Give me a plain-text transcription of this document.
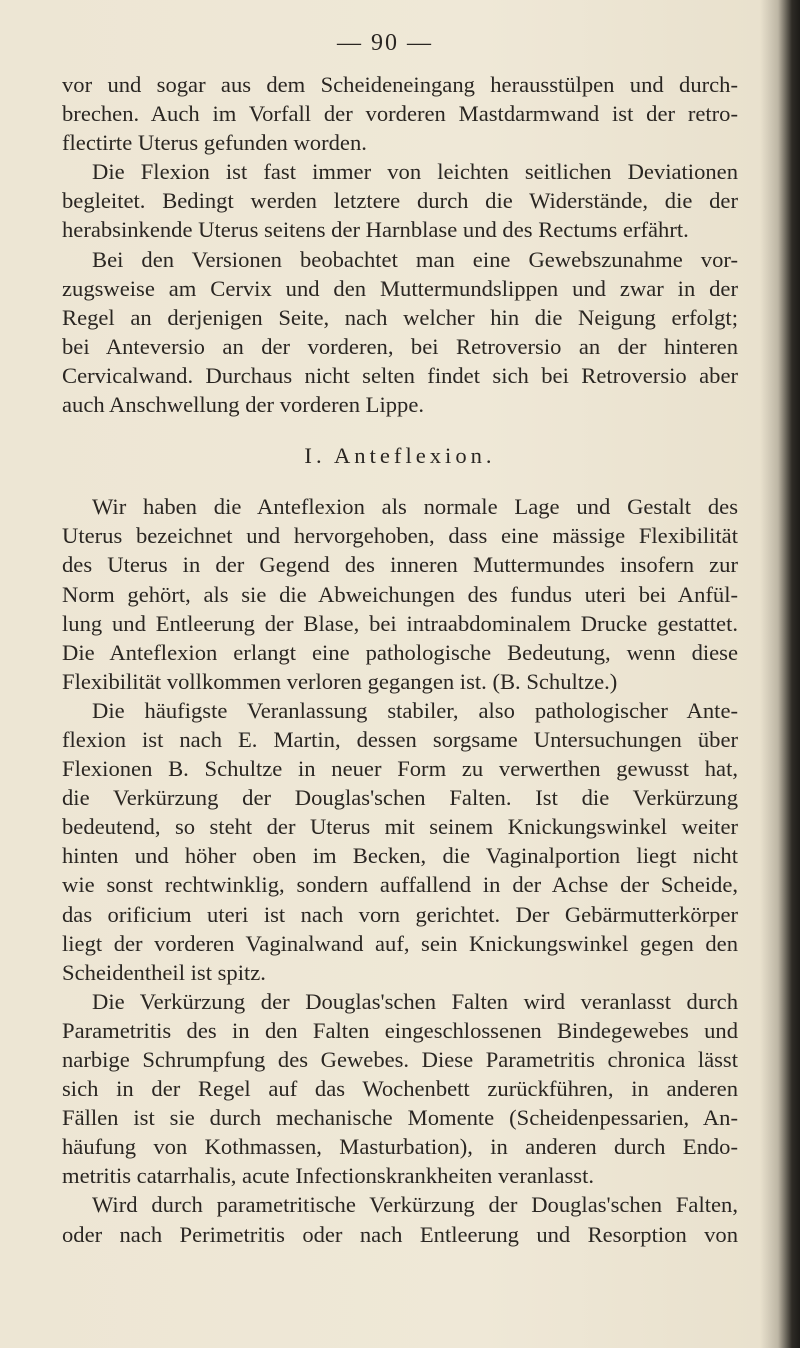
— 90 —
vor und sogar aus dem Scheideneingang herausstülpen und durch-
brechen. Auch im Vorfall der vorderen Mastdarmwand ist der retro-
flectirte Uterus gefunden worden.
Die Flexion ist fast immer von leichten seitlichen Deviationen
begleitet. Bedingt werden letztere durch die Widerstände, die der
herabsinkende Uterus seitens der Harnblase und des Rectums erfährt.
Bei den Versionen beobachtet man eine Gewebszunahme vor-
zugsweise am Cervix und den Muttermundslippen und zwar in der
Regel an derjenigen Seite, nach welcher hin die Neigung erfolgt;
bei Anteversio an der vorderen, bei Retroversio an der hinteren
Cervicalwand. Durchaus nicht selten findet sich bei Retroversio aber
auch Anschwellung der vorderen Lippe.
I. Anteflexion.
Wir haben die Anteflexion als normale Lage und Gestalt des
Uterus bezeichnet und hervorgehoben, dass eine mässige Flexibilität
des Uterus in der Gegend des inneren Muttermundes insofern zur
Norm gehört, als sie die Abweichungen des fundus uteri bei Anfül-
lung und Entleerung der Blase, bei intraabdominalem Drucke gestattet.
Die Anteflexion erlangt eine pathologische Bedeutung, wenn diese
Flexibilität vollkommen verloren gegangen ist. (B. Schultze.)
Die häufigste Veranlassung stabiler, also pathologischer Ante-
flexion ist nach E. Martin, dessen sorgsame Untersuchungen über
Flexionen B. Schultze in neuer Form zu verwerthen gewusst hat,
die Verkürzung der Douglas'schen Falten. Ist die Verkürzung
bedeutend, so steht der Uterus mit seinem Knickungswinkel weiter
hinten und höher oben im Becken, die Vaginalportion liegt nicht
wie sonst rechtwinklig, sondern auffallend in der Achse der Scheide,
das orificium uteri ist nach vorn gerichtet. Der Gebärmutterkörper
liegt der vorderen Vaginalwand auf, sein Knickungswinkel gegen den
Scheidentheil ist spitz.
Die Verkürzung der Douglas'schen Falten wird veranlasst durch
Parametritis des in den Falten eingeschlossenen Bindegewebes und
narbige Schrumpfung des Gewebes. Diese Parametritis chronica lässt
sich in der Regel auf das Wochenbett zurückführen, in anderen
Fällen ist sie durch mechanische Momente (Scheidenpessarien, An-
häufung von Kothmassen, Masturbation), in anderen durch Endo-
metritis catarrhalis, acute Infectionskrankheiten veranlasst.
Wird durch parametritische Verkürzung der Douglas'schen Falten,
oder nach Perimetritis oder nach Entleerung und Resorption von
